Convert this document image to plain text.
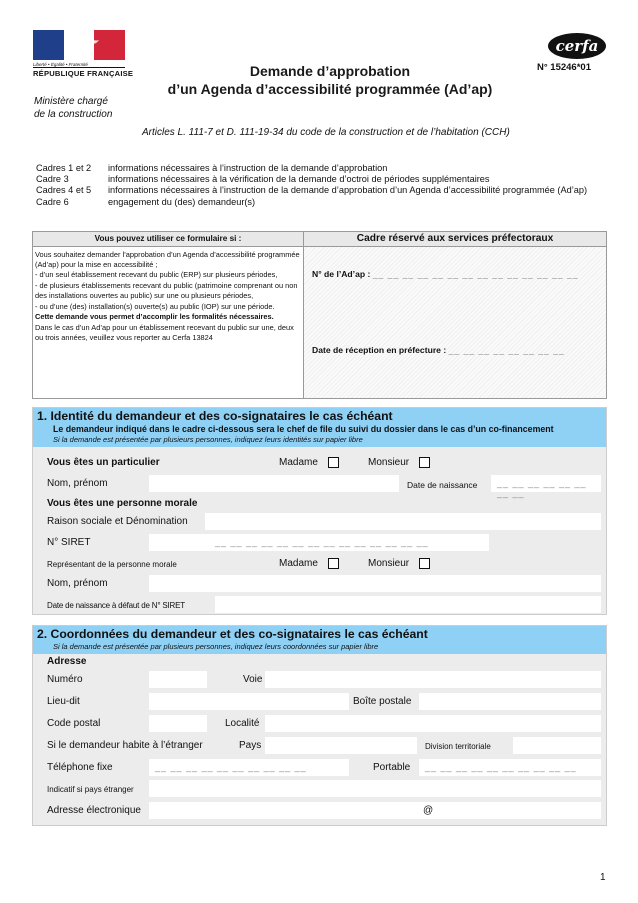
Liberté • Égalité • Fraternité
RÉPUBLIQUE FRANÇAISE
Ministère chargé
de la construction
Demande d’approbation
d’un Agenda d’accessibilité programmée (Ad’ap)
cerfa
N° 15246*01
Articles L. 111-7 et D. 111-19-34 du code de la construction et de l’habitation (CCH)
Cadres 1 et 2	informations nécessaires à l’instruction de la demande d’approbation
Cadre 3	informations nécessaires à la vérification de la demande d’octroi de périodes supplémentaires
Cadres 4 et 5	informations nécessaires à l’instruction de la demande d’approbation d’un Agenda d’accessibilité programmée (Ad’ap)
Cadre 6	engagement du (des) demandeur(s)
Vous pouvez utiliser ce formulaire si :

Vous souhaitez demander l’approbation d’un Agenda d’accessibilité programmée (Ad’ap) pour la mise en accessibilité ;

- d’un seul établissement recevant du public (ERP) sur plusieurs périodes,

- de plusieurs établissements recevant du public (patrimoine comprenant ou non des installations ouvertes au public) sur une ou plusieurs périodes,

- ou d’une (des) installation(s) ouverte(s) au public (IOP) sur une période.

Cette demande vous permet d’accomplir les formalités nécessaires.

Dans le cas d’un Ad’ap pour un établissement recevant du public sur une, deux ou trois années, veuillez vous reporter au Cerfa 13824

Cadre réservé aux services préfectoraux
N° de l’Ad’ap : __ __ __ __ __ __ __ __ __ __ __ __ __ __
Date de réception en préfecture : __ __ __ __ __ __ __ __
1. Identité du demandeur et des co-signataires le cas échéant
Le demandeur indiqué dans le cadre ci-dessous sera le chef de file du suivi du dossier dans le cas d’un co-financement
Si la demande est présentée par plusieurs personnes, indiquez leurs identités sur papier libre
Vous êtes un particulier	Madame	Monsieur
Nom, prénom	Date de naissance __ __ __ __ __ __ __ __
Vous êtes une personne morale
Raison sociale et Dénomination
N° SIRET	__ __ __ __ __ __ __ __ __ __ __ __ __ __
Représentant de la personne morale	Madame	Monsieur
Nom, prénom
Date de naissance à défaut de N° SIRET
2. Coordonnées du demandeur et des co-signataires le cas échéant
Si la demande est présentée par plusieurs personnes, indiquez leurs coordonnées sur papier libre
Adresse
Numéro	Voie
Lieu-dit	Boîte postale
Code postal	Localité
Si le demandeur habite à l’étranger	Pays	Division territoriale
Téléphone fixe	__ __ __ __ __ __ __ __ __ __	Portable __ __ __ __ __ __ __ __ __ __
Indicatif si pays étranger
Adresse électronique	@
1
